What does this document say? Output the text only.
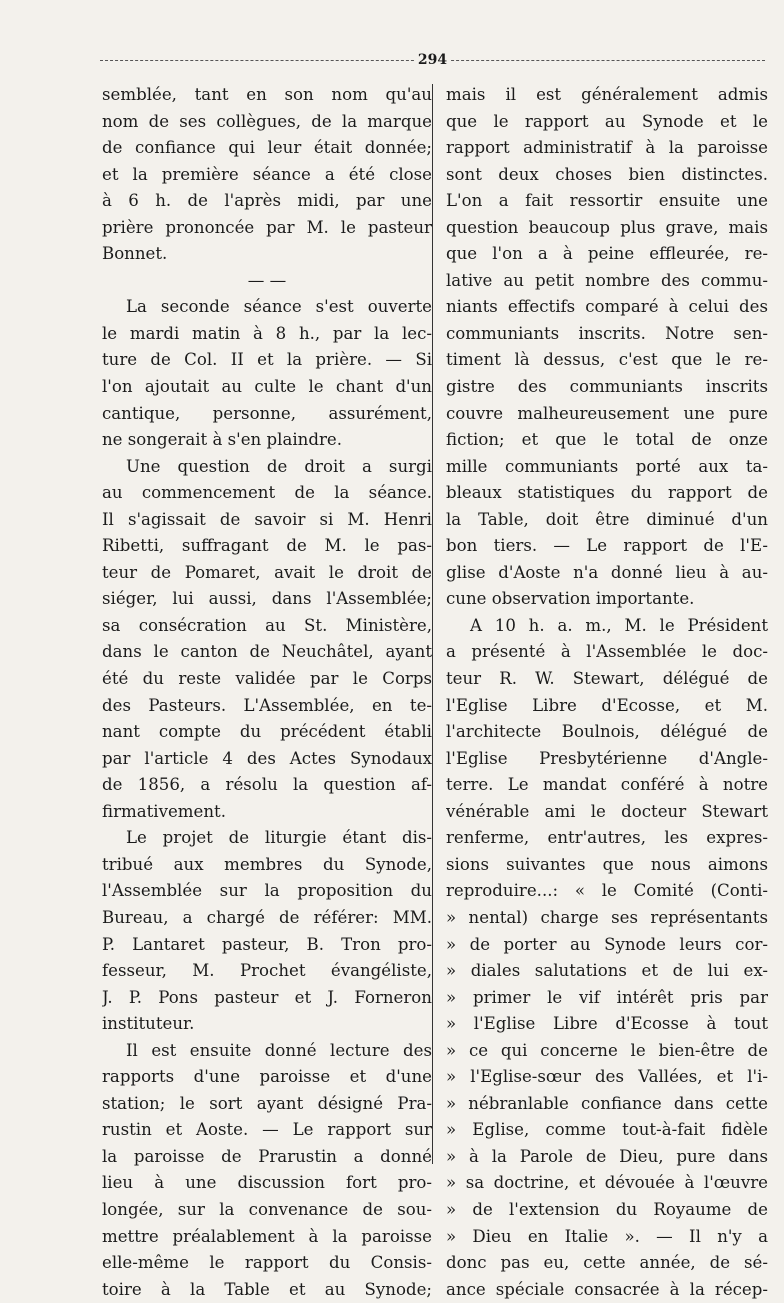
294
semblée, tant en son nom qu'au
nom de ses collègues, de la marque
de confiance qui leur était donnée;
et la première séance a été close
à 6 h. de l'après midi, par une
prière prononcée par M. le pasteur
Bonnet.
— —
La seconde séance s'est ouverte
le mardi matin à 8 h., par la lec-
ture de Col. II et la prière. — Si
l'on ajoutait au culte le chant d'un
cantique, personne, assurément,
ne songerait à s'en plaindre.
Une question de droit a surgi
au commencement de la séance.
Il s'agissait de savoir si M. Henri
Ribetti, suffragant de M. le pas-
teur de Pomaret, avait le droit de
siéger, lui aussi, dans l'Assemblée;
sa consécration au St. Ministère,
dans le canton de Neuchâtel, ayant
été du reste validée par le Corps
des Pasteurs. L'Assemblée, en te-
nant compte du précédent établi
par l'article 4 des Actes Synodaux
de 1856, a résolu la question af-
firmativement.
Le projet de liturgie étant dis-
tribué aux membres du Synode,
l'Assemblée sur la proposition du
Bureau, a chargé de référer: MM.
P. Lantaret pasteur, B. Tron pro-
fesseur, M. Prochet évangéliste,
J. P. Pons pasteur et J. Forneron
instituteur.
Il est ensuite donné lecture des
rapports d'une paroisse et d'une
station; le sort ayant désigné Pra-
rustin et Aoste. — Le rapport sur
la paroisse de Prarustin a donné
lieu à une discussion fort pro-
longée, sur la convenance de sou-
mettre préalablement à la paroisse
elle-même le rapport du Consis-
toire à la Table et au Synode;
mais il est généralement admis
que le rapport au Synode et le
rapport administratif à la paroisse
sont deux choses bien distinctes.
L'on a fait ressortir ensuite une
question beaucoup plus grave, mais
que l'on a à peine effleurée, re-
lative au petit nombre des commu-
niants effectifs comparé à celui des
communiants inscrits. Notre sen-
timent là dessus, c'est que le re-
gistre des communiants inscrits
couvre malheureusement une pure
fiction; et que le total de onze
mille communiants porté aux ta-
bleaux statistiques du rapport de
la Table, doit être diminué d'un
bon tiers. — Le rapport de l'E-
glise d'Aoste n'a donné lieu à au-
cune observation importante.
A 10 h. a. m., M. le Président
a présenté à l'Assemblée le doc-
teur R. W. Stewart, délégué de
l'Eglise Libre d'Ecosse, et M.
l'architecte Boulnois, délégué de
l'Eglise Presbytérienne d'Angle-
terre. Le mandat conféré à notre
vénérable ami le docteur Stewart
renferme, entr'autres, les expres-
sions suivantes que nous aimons
reproduire...: « le Comité (Conti-
» nental) charge ses représentants
» de porter au Synode leurs cor-
» diales salutations et de lui ex-
» primer le vif intérêt pris par
» l'Eglise Libre d'Ecosse à tout
» ce qui concerne le bien-être de
» l'Eglise-sœur des Vallées, et l'i-
» nébranlable confiance dans cette
» Eglise, comme tout-à-fait fidèle
» à la Parole de Dieu, pure dans
» sa doctrine, et dévouée à l'œuvre
» de l'extension du Royaume de
» Dieu en Italie ». — Il n'y a
donc pas eu, cette année, de sé-
ance spéciale consacrée à la récep-
